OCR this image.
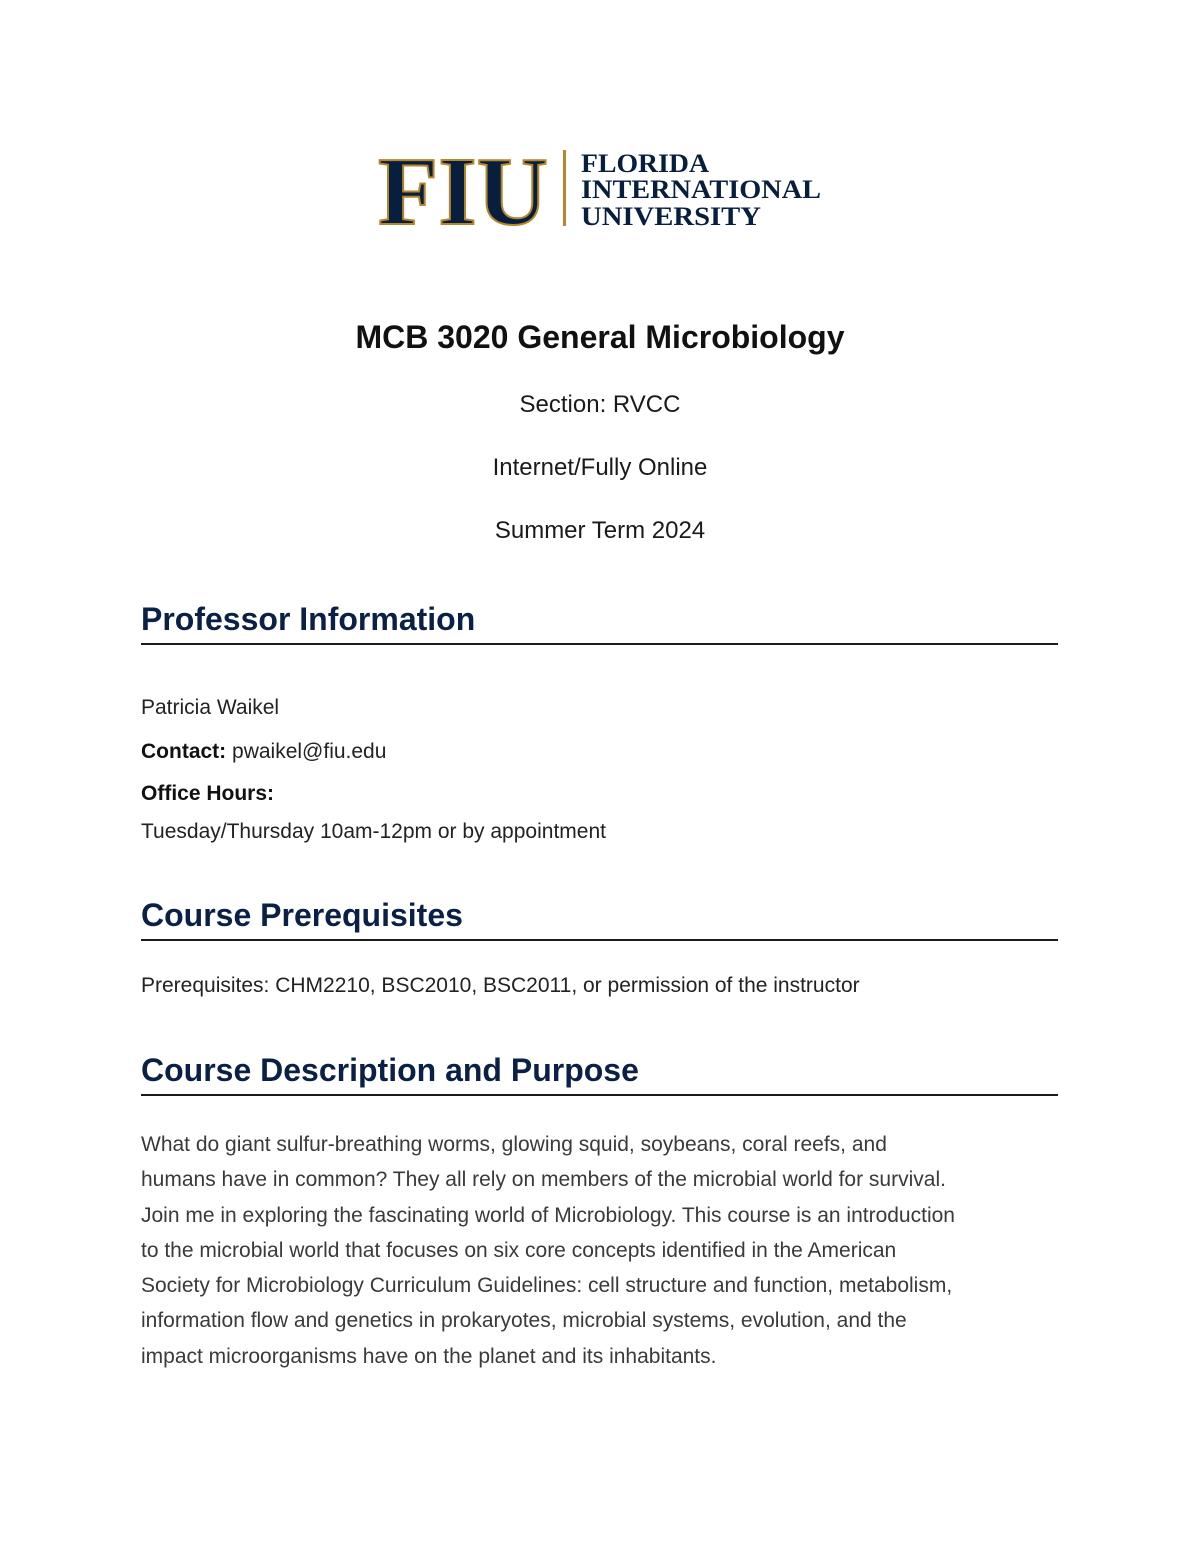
FIU FLORIDA
INTERNATIONAL
UNIVERSITY
MCB 3020 General Microbiology

Section: RVCC

Internet/Fully Online

Summer Term 2024

Professor Information

Patricia Waikel

Contact: pwaikel@fiu.edu

Office Hours:

Tuesday/Thursday 10am-12pm or by appointment

Course Prerequisites

Prerequisites: CHM2210, BSC2010, BSC2011, or permission of the instructor

Course Description and Purpose
What do giant sulfur-breathing worms, glowing squid, soybeans, coral reefs, and
humans have in common? They all rely on members of the microbial world for survival.
Join me in exploring the fascinating world of Microbiology. This course is an introduction
to the microbial world that focuses on six core concepts identified in the American
Society for Microbiology Curriculum Guidelines: cell structure and function, metabolism,
information flow and genetics in prokaryotes, microbial systems, evolution, and the
impact microorganisms have on the planet and its inhabitants.
